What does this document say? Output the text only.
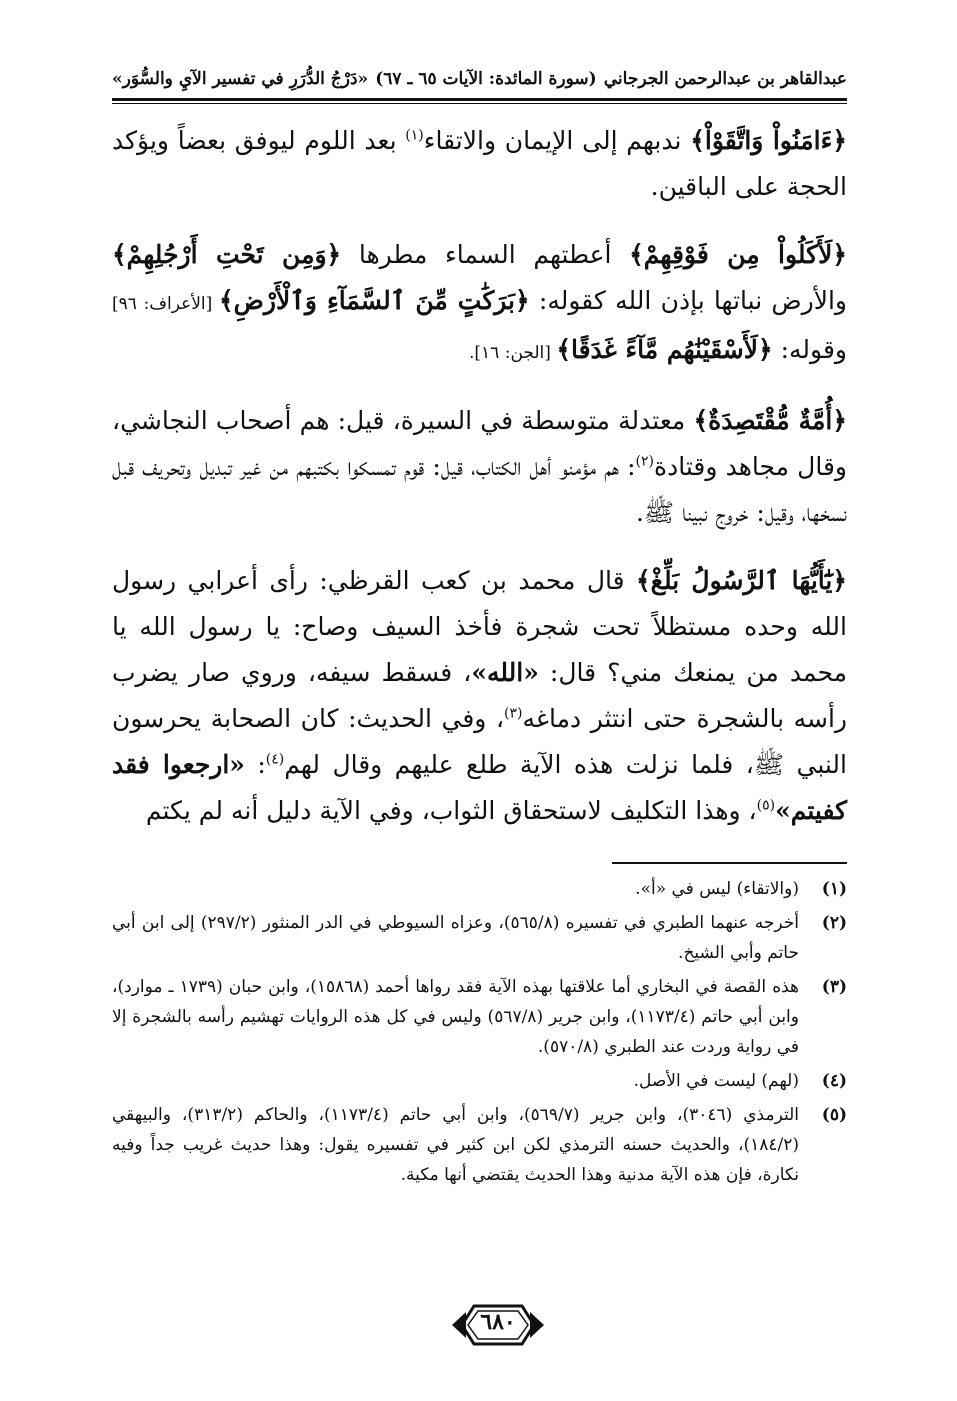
عبدالقاهر بن عبدالرحمن الجرجاني
(سورة المائدة: الآيات ٦٥ ـ ٦٧)
«دَرْجُ الدُّرَرِ في تفسير الآيِ والسُّوَر»

﴿ءَامَنُواْ وَاتَّقَوْاْ﴾ ندبهم إلى الإيمان والاتقاء$^{(١)}$ بعد اللوم ليوفق بعضاً ويؤكد الحجة على الباقين.

﴿لَأَكَلُواْ مِن فَوْقِهِمْ﴾ أعطتهم السماء مطرها ﴿وَمِن تَحْتِ أَرْجُلِهِمْ﴾ والأرض نباتها بإذن الله كقوله: ﴿بَرَكَٰتٍ مِّنَ ٱلسَّمَآءِ وَٱلْأَرْضِ﴾ [الأعراف: ٩٦] وقوله: ﴿لَأَسْقَيْنَٰهُم مَّآءً غَدَقًا﴾ [الجن: ١٦].

﴿أُمَّةٌ مُّقْتَصِدَةٌ﴾ معتدلة متوسطة في السيرة، قيل: هم أصحاب النجاشي، وقال مجاهد وقتادة$^{(٢)}$: هم مؤمنو أهل الكتاب، قيل: قوم تمسكوا بكتبهم من غير تبديل وتحريف قبل نسخها، وقيل: خروج نبينا ﷺ.

﴿يَٰٓأَيُّهَا ٱلرَّسُولُ بَلِّغْ﴾ قال محمد بن كعب القرظي: رأى أعرابي رسول الله وحده مستظلاً تحت شجرة فأخذ السيف وصاح: يا رسول الله يا محمد من يمنعك مني؟ قال: «الله»، فسقط سيفه، وروي صار يضرب رأسه بالشجرة حتى انتثر دماغه$^{(٣)}$، وفي الحديث: كان الصحابة يحرسون النبي ﷺ، فلما نزلت هذه الآية طلع عليهم وقال لهم$^{(٤)}$: «ارجعوا فقد كفيتم»$^{(٥)}$، وهذا التكليف لاستحقاق الثواب، وفي الآية دليل أنه لم يكتم

(١)
(والاتقاء) ليس في «أ».
(٢)
أخرجه عنهما الطبري في تفسيره (٥٦٥/٨)، وعزاه السيوطي في الدر المنثور (٢٩٧/٢) إلى ابن أبي حاتم وأبي الشيخ.
(٣)
هذه القصة في البخاري أما علاقتها بهذه الآية فقد رواها أحمد (١٥٨٦٨)، وابن حبان (١٧٣٩ ـ موارد)، وابن أبي حاتم (١١٧٣/٤)، وابن جرير (٥٦٧/٨) وليس في كل هذه الروايات تهشيم رأسه بالشجرة إلا في رواية وردت عند الطبري (٥٧٠/٨).
(٤)
(لهم) ليست في الأصل.
(٥)
الترمذي (٣٠٤٦)، وابن جرير (٥٦٩/٧)، وابن أبي حاتم (١١٧٣/٤)، والحاكم (٣١٣/٢)، والبيهقي (١٨٤/٢)، والحديث حسنه الترمذي لكن ابن كثير في تفسيره يقول: وهذا حديث غريب جداً وفيه نكارة، فإن هذه الآية مدنية وهذا الحديث يقتضي أنها مكية.
٦٨٠
